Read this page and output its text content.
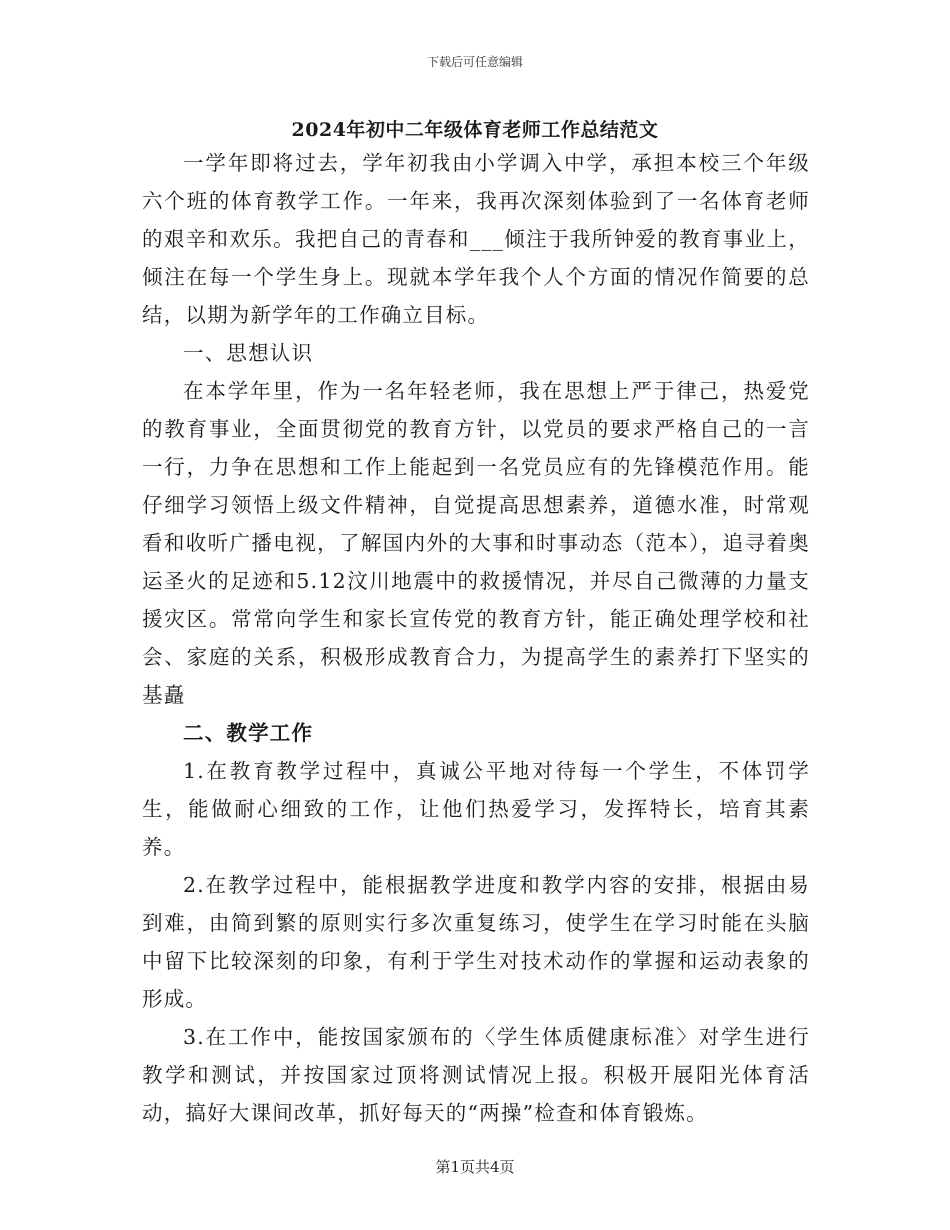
下载后可任意编辑
2024年初中二年级体育老师工作总结范文

一学年即将过去，学年初我由小学调入中学，承担本校三个年级六个班的体育教学工作。一年来，我再次深刻体验到了一名体育老师的艰辛和欢乐。我把自己的青春和___倾注于我所钟爱的教育事业上，倾注在每一个学生身上。现就本学年我个人个方面的情况作简要的总结，以期为新学年的工作确立目标。

一、思想认识

在本学年里，作为一名年轻老师，我在思想上严于律己，热爱党的教育事业，全面贯彻党的教育方针，以党员的要求严格自己的一言一行，力争在思想和工作上能起到一名党员应有的先锋模范作用。能仔细学习领悟上级文件精神，自觉提高思想素养，道德水准，时常观看和收听广播电视，了解国内外的大事和时事动态（范本），追寻着奥运圣火的足迹和5.12汶川地震中的救援情况，并尽自己微薄的力量支援灾区。常常向学生和家长宣传党的教育方针，能正确处理学校和社会、家庭的关系，积极形成教育合力，为提高学生的素养打下坚实的基矗

二、教学工作

1.在教育教学过程中，真诚公平地对待每一个学生，不体罚学生，能做耐心细致的工作，让他们热爱学习，发挥特长，培育其素养。

2.在教学过程中，能根据教学进度和教学内容的安排，根据由易到难，由简到繁的原则实行多次重复练习，使学生在学习时能在头脑中留下比较深刻的印象，有利于学生对技术动作的掌握和运动表象的形成。

3.在工作中，能按国家颁布的〈学生体质健康标准〉对学生进行教学和测试，并按国家过顶将测试情况上报。积极开展阳光体育活动，搞好大课间改革，抓好每天的“两操”检查和体育锻炼。

第1页共4页
